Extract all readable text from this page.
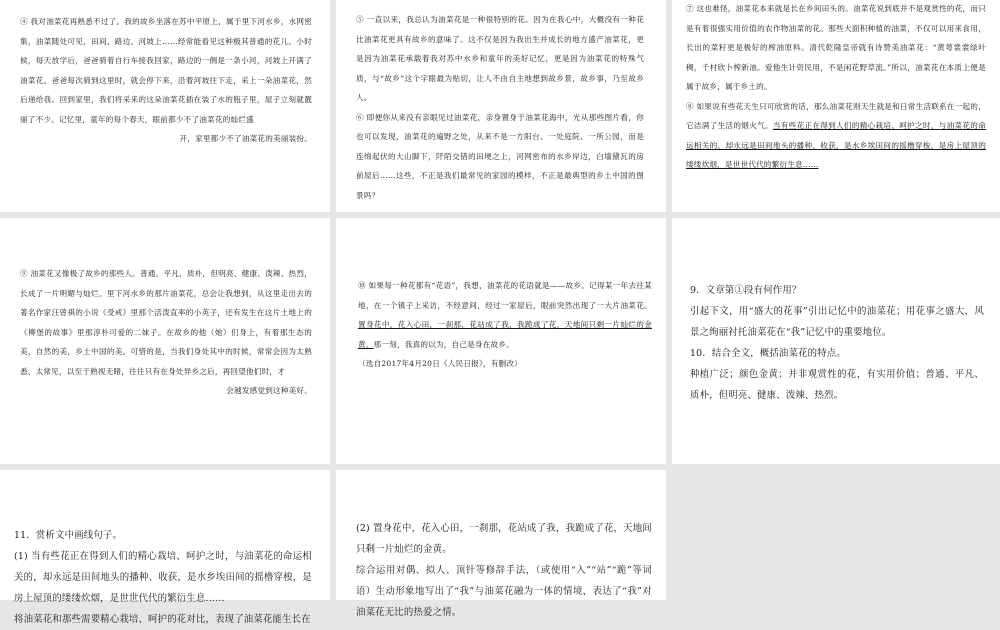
④ 我对油菜花再熟悉不过了。我的故乡坐落在苏中平原上，属于里下河水乡，水网密集，油菜随处可见，田间、路边、河坡上……经常能看见这种极其普通的花儿。小时候，每天放学后，爸爸骑着自行车接我回家，路边的一侧是一条小河，河坡上开满了油菜花。爸爸每次骑到这里时，就会停下来，沿着河坡往下走，采上一朵油菜花，然后递给我。回到家里，我们将采来的这朵油菜花插在装了水的瓶子里，屋子立刻就靓丽了不少。记忆里，童年的每个春天，眼前都少不了油菜花的灿烂盛

开，家里都少不了油菜花的美丽装扮。

⑤ 一直以来，我总认为油菜花是一种很特别的花。因为在我心中，大概没有一种花比油菜花更具有故乡的意味了。这不仅是因为我出生并成长的地方盛产油菜花，更是因为油菜花承载着我对苏中水乡和童年的美好记忆，更是因为油菜花的特殊气质，与“故乡”这个字眼最为贴切，让人不由自主地想到故乡景，故乡事，乃至故乡人。

⑥ 即便你从来没有亲眼见过油菜花，亲身置身于油菜花海中，光从那些图片看，你也可以发现，油菜花的遍野之处，从来不是一方阳台、一处庭院、一所公园，而是连绵起伏的大山脚下，阡陌交错的田埂之上，河网密布的水乡岸边，白墙黛瓦的房前屋后……这些，不正是我们最常见的家园的模样，不正是最典型的乡土中国的图景吗？

⑦ 这也难怪，油菜花本来就是长在乡间田头的。油菜花说到底并不是观赏性的花，而只是有着很强实用价值的农作物油菜的花。那些大面积种植的油菜，不仅可以用来食用，长出的菜籽更是极好的榨油原料。清代乾隆皇帝就有诗赞美油菜花：“黄萼裳裳绿叶稠，千村欣卜榨新油。爱他生计资民用，不是闲花野草流。”所以，油菜花在本质上便是属于故乡，属于乡土的。

⑧ 如果说有些花天生只可欣赏的话，那么油菜花则天生就是和日常生活联系在一起的，它洁满了生活的烟火气。当有些花正在得到人们的精心栽培、呵护之时，与油菜花的命运相关的，却永远是田间地头的播种、收获，是水乡埃田间的摇橹穿梭，是房上屋顶的缕缕炊烟，是世世代代的繁衍生息……

⑨ 油菜花又像极了故乡的那些人。普通、平凡、质朴，但明亮、健康、泼辣、热烈，长成了一片明媚与灿烂。里下河水乡的那片油菜花，总会让我想到，从这里走出去的著名作家汪曾祺的小说《受戒》里那个活泼直率的小英子，还有发生在这片土地上的《柳堡的故事》里那淳朴可爱的二妹子。在故乡的他（她）们身上，有着那生态的美，自然的美，乡土中国的美。可惜的是，当我们身处其中的时候，常常会因为太熟悉、太常见，以至于熟视无睹，往往只有在身处异乡之后，再回望他们时，才

会越发感觉到这种美好。

⑩ 如果每一种花都有“花语”，我想，油菜花的花语就是——故乡。记得某一年去往某地，在一个镇子上采访，不经意间，经过一家屋后，眼前突然出现了一大片油菜花。置身花中，花入心田，一刹那，花站成了我，我跪成了花，天地间只剩一片灿烂的金黄。那一刻，我真的以为，自己是身在故乡。

（选自2017年4月20日《人民日报》，有删改）

9．文章第①段有何作用？

引起下文，用“盛大的花事”引出记忆中的油菜花；用花事之盛大，风景之绚丽衬托油菜花在“我”记忆中的重要地位。

10．结合全文，概括油菜花的特点。

种植广泛；颜色金黄；并非观赏性的花，有实用价值；普通、平凡、质朴，但明亮、健康、泼辣、热烈。

11．赏析文中画线句子。

(1) 当有些花正在得到人们的精心栽培、呵护之时，与油菜花的命运相关的，却永远是田间地头的播种、收获，是水乡埃田间的摇橹穿梭，是房上屋顶的缕缕炊烟，是世世代代的繁衍生息……

将油菜花和那些需要精心栽培、呵护的花对比，表现了油菜花能生长在

(2) 置身花中，花入心田，一刹那，花站成了我，我跪成了花，天地间只剩一片灿烂的金黄。

综合运用对偶、拟人、顶针等修辞手法，（或使用“入”“站”“跪”等词语）生动形象地写出了“我”与油菜花融为一体的情境，表达了“我”对油菜花无比的热爱之情。
